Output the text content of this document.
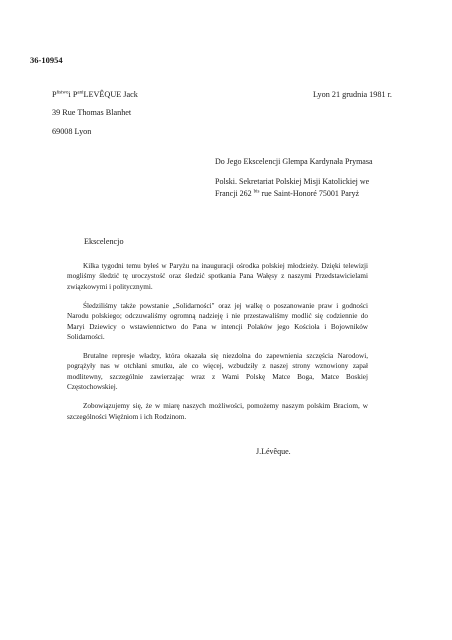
36-10954
$P^{ñstwo}i$ $P^{ani}LEVÊQUE$ Jack
39 Rue Thomas Blanhet
69008 Lyon
Lyon 21 grudnia 1981 r.
Do Jego Ekscelencji Glempa Kardynała Prymasa
Polski. Sekretariat Polskiej Misji Katolickiej we
Francji 262 $^{bis}$ rue Saint-Honoré 75001 Paryż
Ekscelencjo

Kilka tygodni temu byłeś w Paryżu na inauguracji ośrodka polskiej młodzieży. Dzięki telewizji mogliśmy śledzić tę uroczystość oraz śledzić spotkania Pana Wałęsy z naszymi Przedstawicielami związkowymi i politycznymi.

Śledziliśmy także powstanie „Solidarności" oraz jej walkę o poszanowanie praw i godności Narodu polskiego; odczuwaliśmy ogromną nadzieję i nie przestawaliśmy modlić się codziennie do Maryi Dziewicy o wstawiennictwo do Pana w intencji Polaków jego Kościoła i Bojowników Solidarności.

Brutalne represje władzy, która okazała się niezdolna do zapewnienia szczęścia Narodowi, pogrążyły nas w otchłani smutku, ale co więcej, wzbudziły z naszej strony wznowiony zapał modlitewny, szczególnie zawierzając wraz z Wami Polskę Matce Boga, Matce Boskiej Częstochowskiej.

Zobowiązujemy się, że w miarę naszych możliwości, pomożemy naszym polskim Braciom, w szczególności Więźniom i ich Rodzinom.

J.Lévêque.
